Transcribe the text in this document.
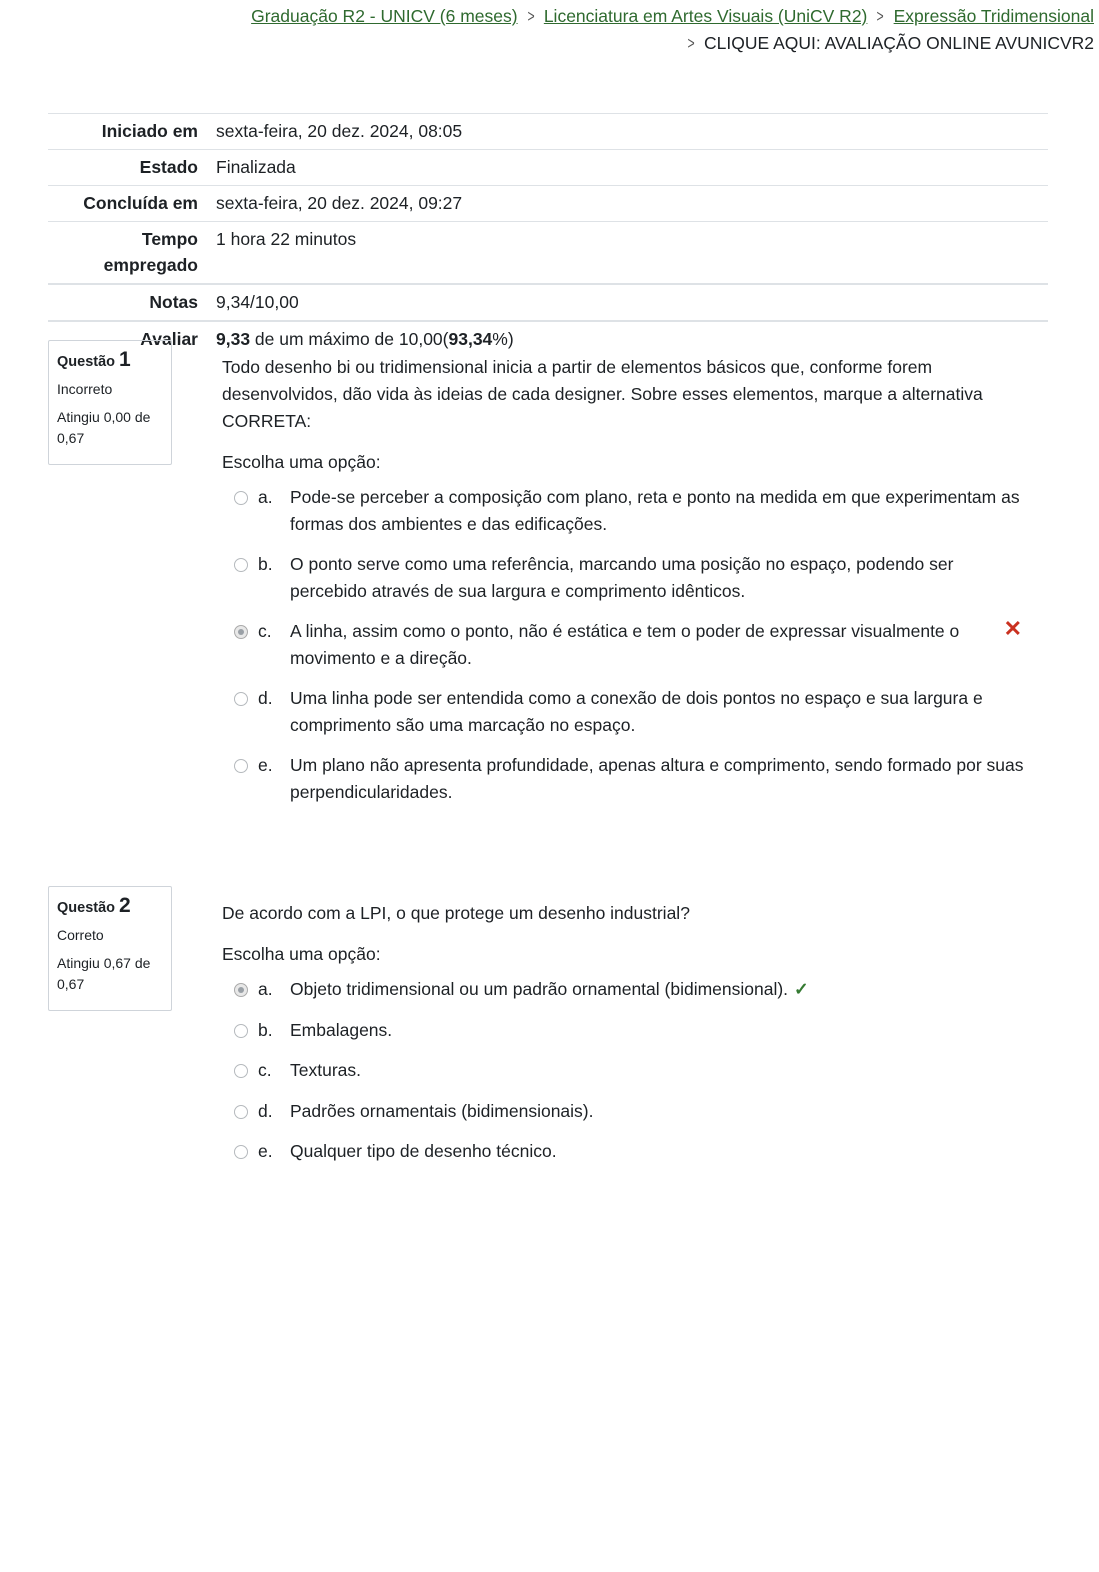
Graduação R2 - UNICV (6 meses) > Licenciatura em Artes Visuais (UniCV R2) > Expressão Tridimensional
> CLIQUE AQUI: AVALIAÇÃO ONLINE AVUNICVR2
Iniciado em	sexta-feira, 20 dez. 2024, 08:05
Estado	Finalizada
Concluída em	sexta-feira, 20 dez. 2024, 09:27
Tempo empregado	1 hora 22 minutos
Notas	9,34/10,00
Avaliar	9,33 de um máximo de 10,00(93,34%)
Questão 1
Incorreto
Atingiu 0,00 de 0,67
Todo desenho bi ou tridimensional inicia a partir de elementos básicos que, conforme forem desenvolvidos, dão vida às ideias de cada designer. Sobre esses elementos, marque a alternativa CORRETA:
Escolha uma opção:
a. Pode-se perceber a composição com plano, reta e ponto na medida em que experimentam as formas dos ambientes e das edificações.
b. O ponto serve como uma referência, marcando uma posição no espaço, podendo ser percebido através de sua largura e comprimento idênticos.
c. A linha, assim como o ponto, não é estática e tem o poder de expressar visualmente o movimento e a direção.
✕
d. Uma linha pode ser entendida como a conexão de dois pontos no espaço e sua largura e comprimento são uma marcação no espaço.
e. Um plano não apresenta profundidade, apenas altura e comprimento, sendo formado por suas perpendicularidades.
Questão 2
Correto
Atingiu 0,67 de 0,67
De acordo com a LPI, o que protege um desenho industrial?
Escolha uma opção:
a. Objeto tridimensional ou um padrão ornamental (bidimensional). ✓
b. Embalagens.
c. Texturas.
d. Padrões ornamentais (bidimensionais).
e. Qualquer tipo de desenho técnico.
